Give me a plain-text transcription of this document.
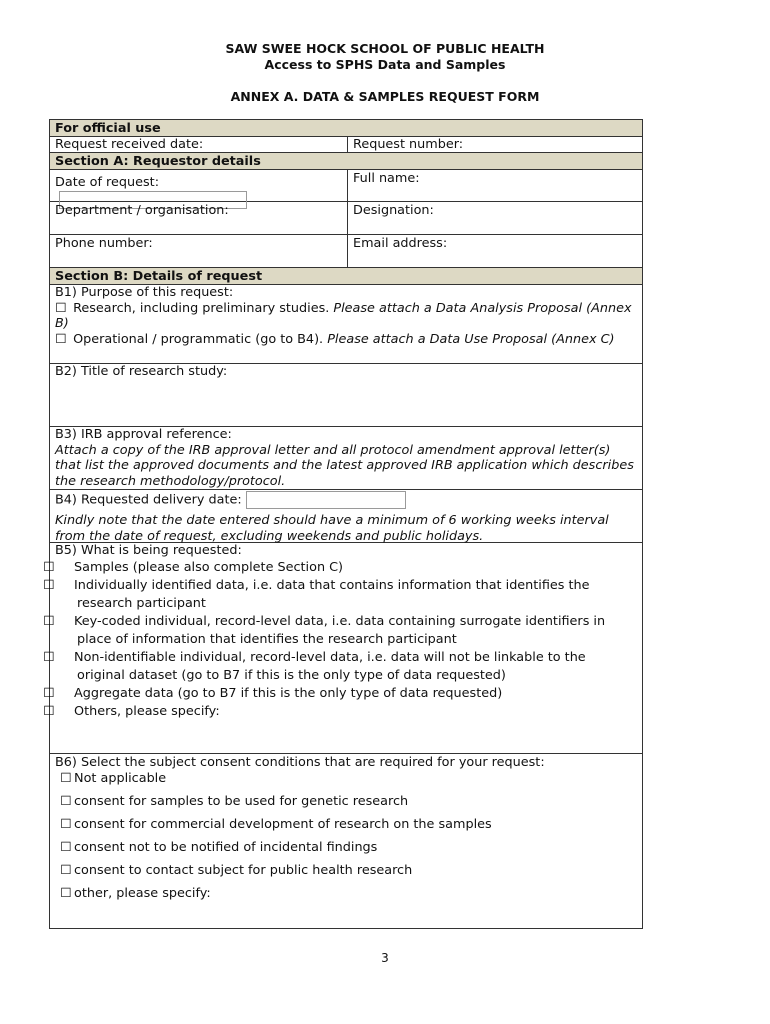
SAW SWEE HOCK SCHOOL OF PUBLIC HEALTH
Access to SPHS Data and Samples
ANNEX A. DATA & SAMPLES REQUEST FORM
For official use
Request received date:	Request number:
Section A: Requestor details
Date of request:	Full name:
Department / organisation:	Designation:
Phone number:	Email address:
Section B: Details of request
B1) Purpose of this request:
☐ Research, including preliminary studies. Please attach a Data Analysis Proposal (Annex B)
☐ Operational / programmatic (go to B4). Please attach a Data Use Proposal (Annex C)
B2) Title of research study:
B3) IRB approval reference:
Attach a copy of the IRB approval letter and all protocol amendment approval letter(s) that list the approved documents and the latest approved IRB application which describes the research methodology/protocol.
B4) Requested delivery date:
Kindly note that the date entered should have a minimum of 6 working weeks interval from the date of request, excluding weekends and public holidays.
B5) What is being requested:
☐ Samples (please also complete Section C)
☐ Individually identified data, i.e. data that contains information that identifies the research participant
☐ Key-coded individual, record-level data, i.e. data containing surrogate identifiers in place of information that identifies the research participant
☐ Non-identifiable individual, record-level data, i.e. data will not be linkable to the original dataset (go to B7 if this is the only type of data requested)
☐ Aggregate data (go to B7 if this is the only type of data requested)
☐ Others, please specify:
B6) Select the subject consent conditions that are required for your request:
☐ Not applicable
☐ consent for samples to be used for genetic research
☐ consent for commercial development of research on the samples
☐ consent not to be notified of incidental findings
☐ consent to contact subject for public health research
☐ other, please specify:
3
